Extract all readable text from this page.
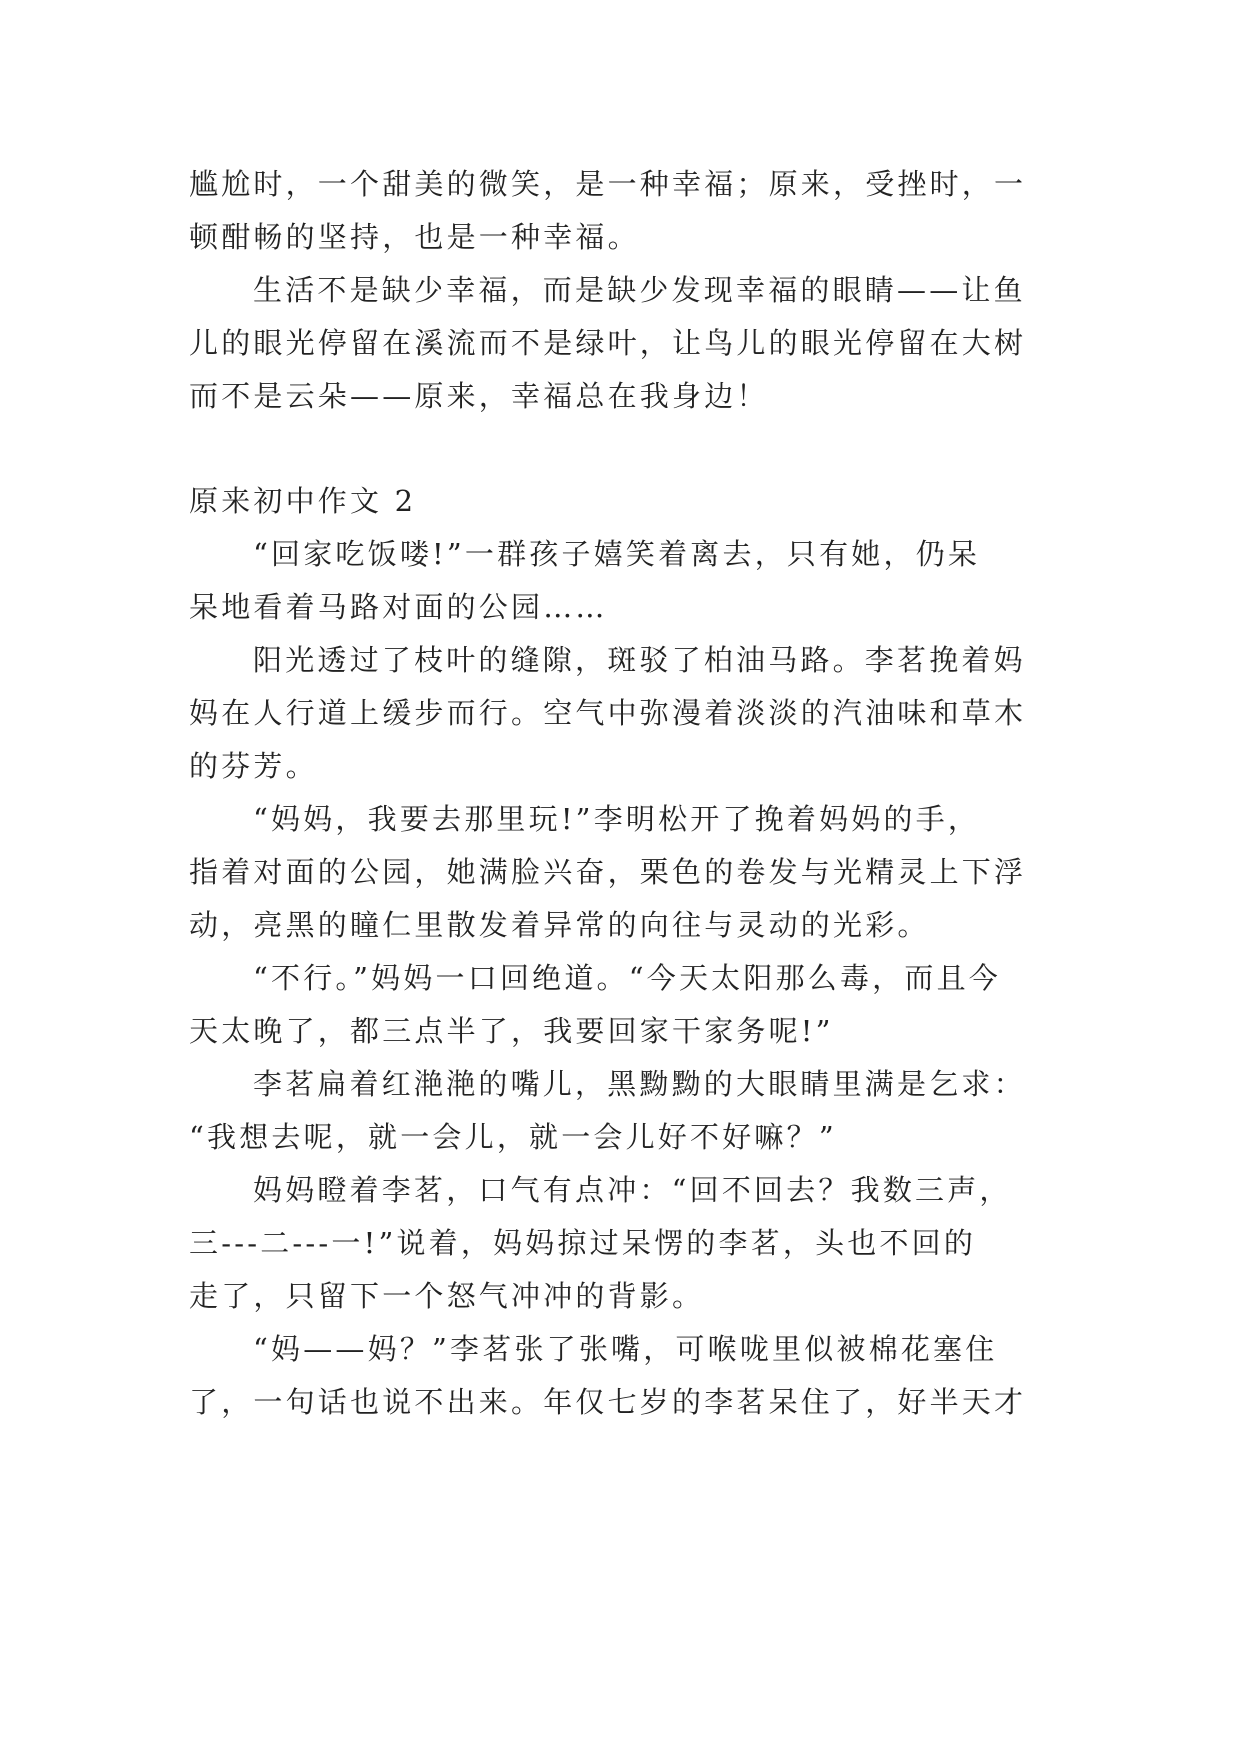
尴尬时，一个甜美的微笑，是一种幸福；原来，受挫时，一
顿酣畅的坚持，也是一种幸福。
生活不是缺少幸福，而是缺少发现幸福的眼睛——让鱼
儿的眼光停留在溪流而不是绿叶，让鸟儿的眼光停留在大树
而不是云朵——原来，幸福总在我身边！
原来初中作文 2
“回家吃饭喽!”一群孩子嬉笑着离去，只有她，仍呆
呆地看着马路对面的公园……
阳光透过了枝叶的缝隙，斑驳了柏油马路。李茗挽着妈
妈在人行道上缓步而行。空气中弥漫着淡淡的汽油味和草木
的芬芳。
“妈妈，我要去那里玩!”李明松开了挽着妈妈的手，
指着对面的公园，她满脸兴奋，栗色的卷发与光精灵上下浮
动，亮黑的瞳仁里散发着异常的向往与灵动的光彩。
“不行。”妈妈一口回绝道。“今天太阳那么毒，而且今
天太晚了，都三点半了，我要回家干家务呢!”
李茗扁着红滟滟的嘴儿，黑黝黝的大眼睛里满是乞求：
“我想去呢，就一会儿，就一会儿好不好嘛？”
妈妈瞪着李茗，口气有点冲：“回不回去？我数三声，
三---二---一!”说着，妈妈掠过呆愣的李茗，头也不回的
走了，只留下一个怒气冲冲的背影。
“妈——妈？”李茗张了张嘴，可喉咙里似被棉花塞住
了，一句话也说不出来。年仅七岁的李茗呆住了，好半天才
